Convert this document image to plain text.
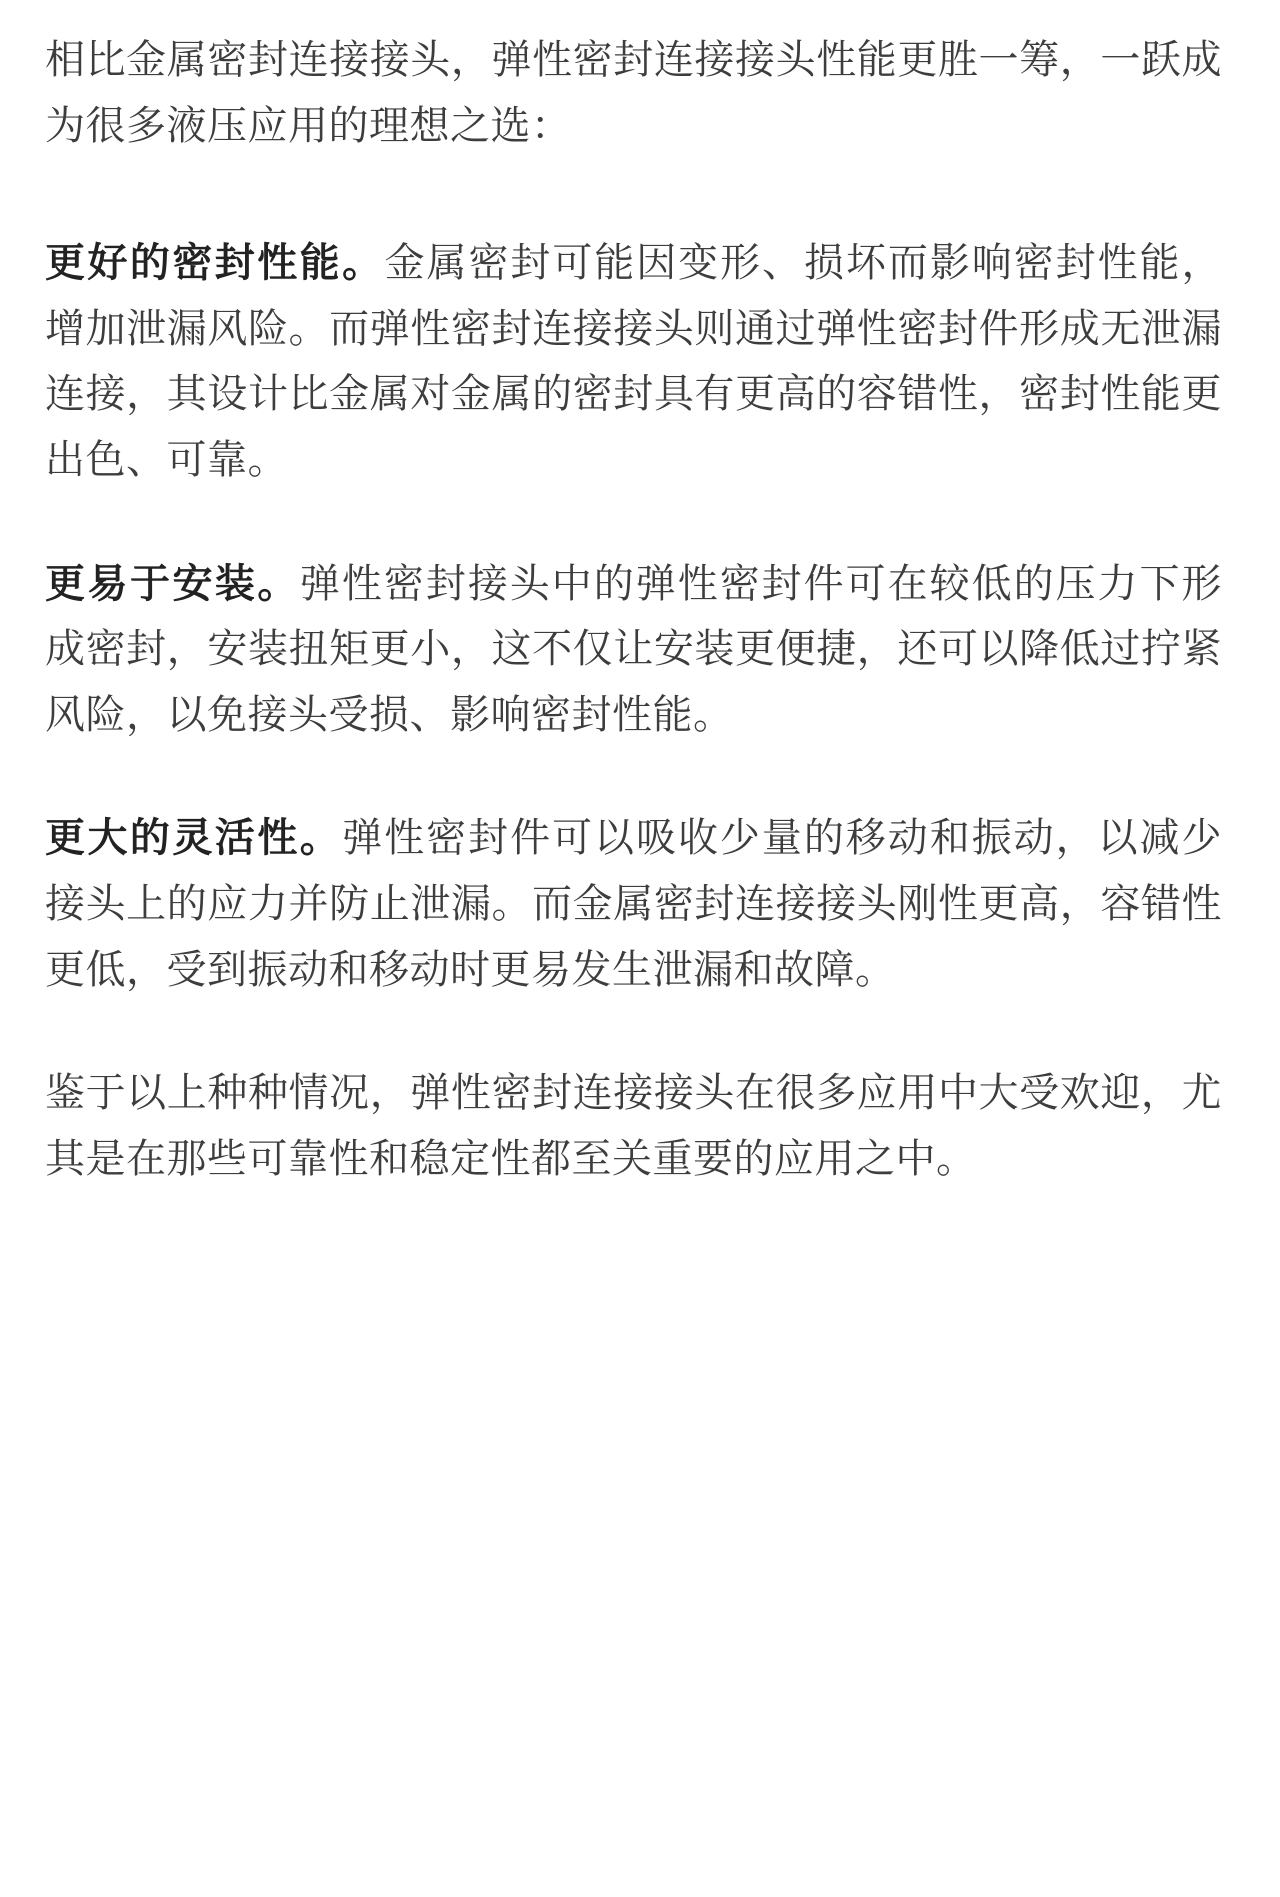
相比金属密封连接接头，弹性密封连接接头性能更胜一筹，一跃成为很多液压应用的理想之选：

更好的密封性能。金属密封可能因变形、损坏而影响密封性能，增加泄漏风险。而弹性密封连接接头则通过弹性密封件形成无泄漏连接，其设计比金属对金属的密封具有更高的容错性，密封性能更出色、可靠。

更易于安装。弹性密封接头中的弹性密封件可在较低的压力下形成密封，安装扭矩更小，这不仅让安装更便捷，还可以降低过拧紧风险，以免接头受损、影响密封性能。

更大的灵活性。弹性密封件可以吸收少量的移动和振动，以减少接头上的应力并防止泄漏。而金属密封连接接头刚性更高，容错性更低，受到振动和移动时更易发生泄漏和故障。

鉴于以上种种情况，弹性密封连接接头在很多应用中大受欢迎，尤其是在那些可靠性和稳定性都至关重要的应用之中。
